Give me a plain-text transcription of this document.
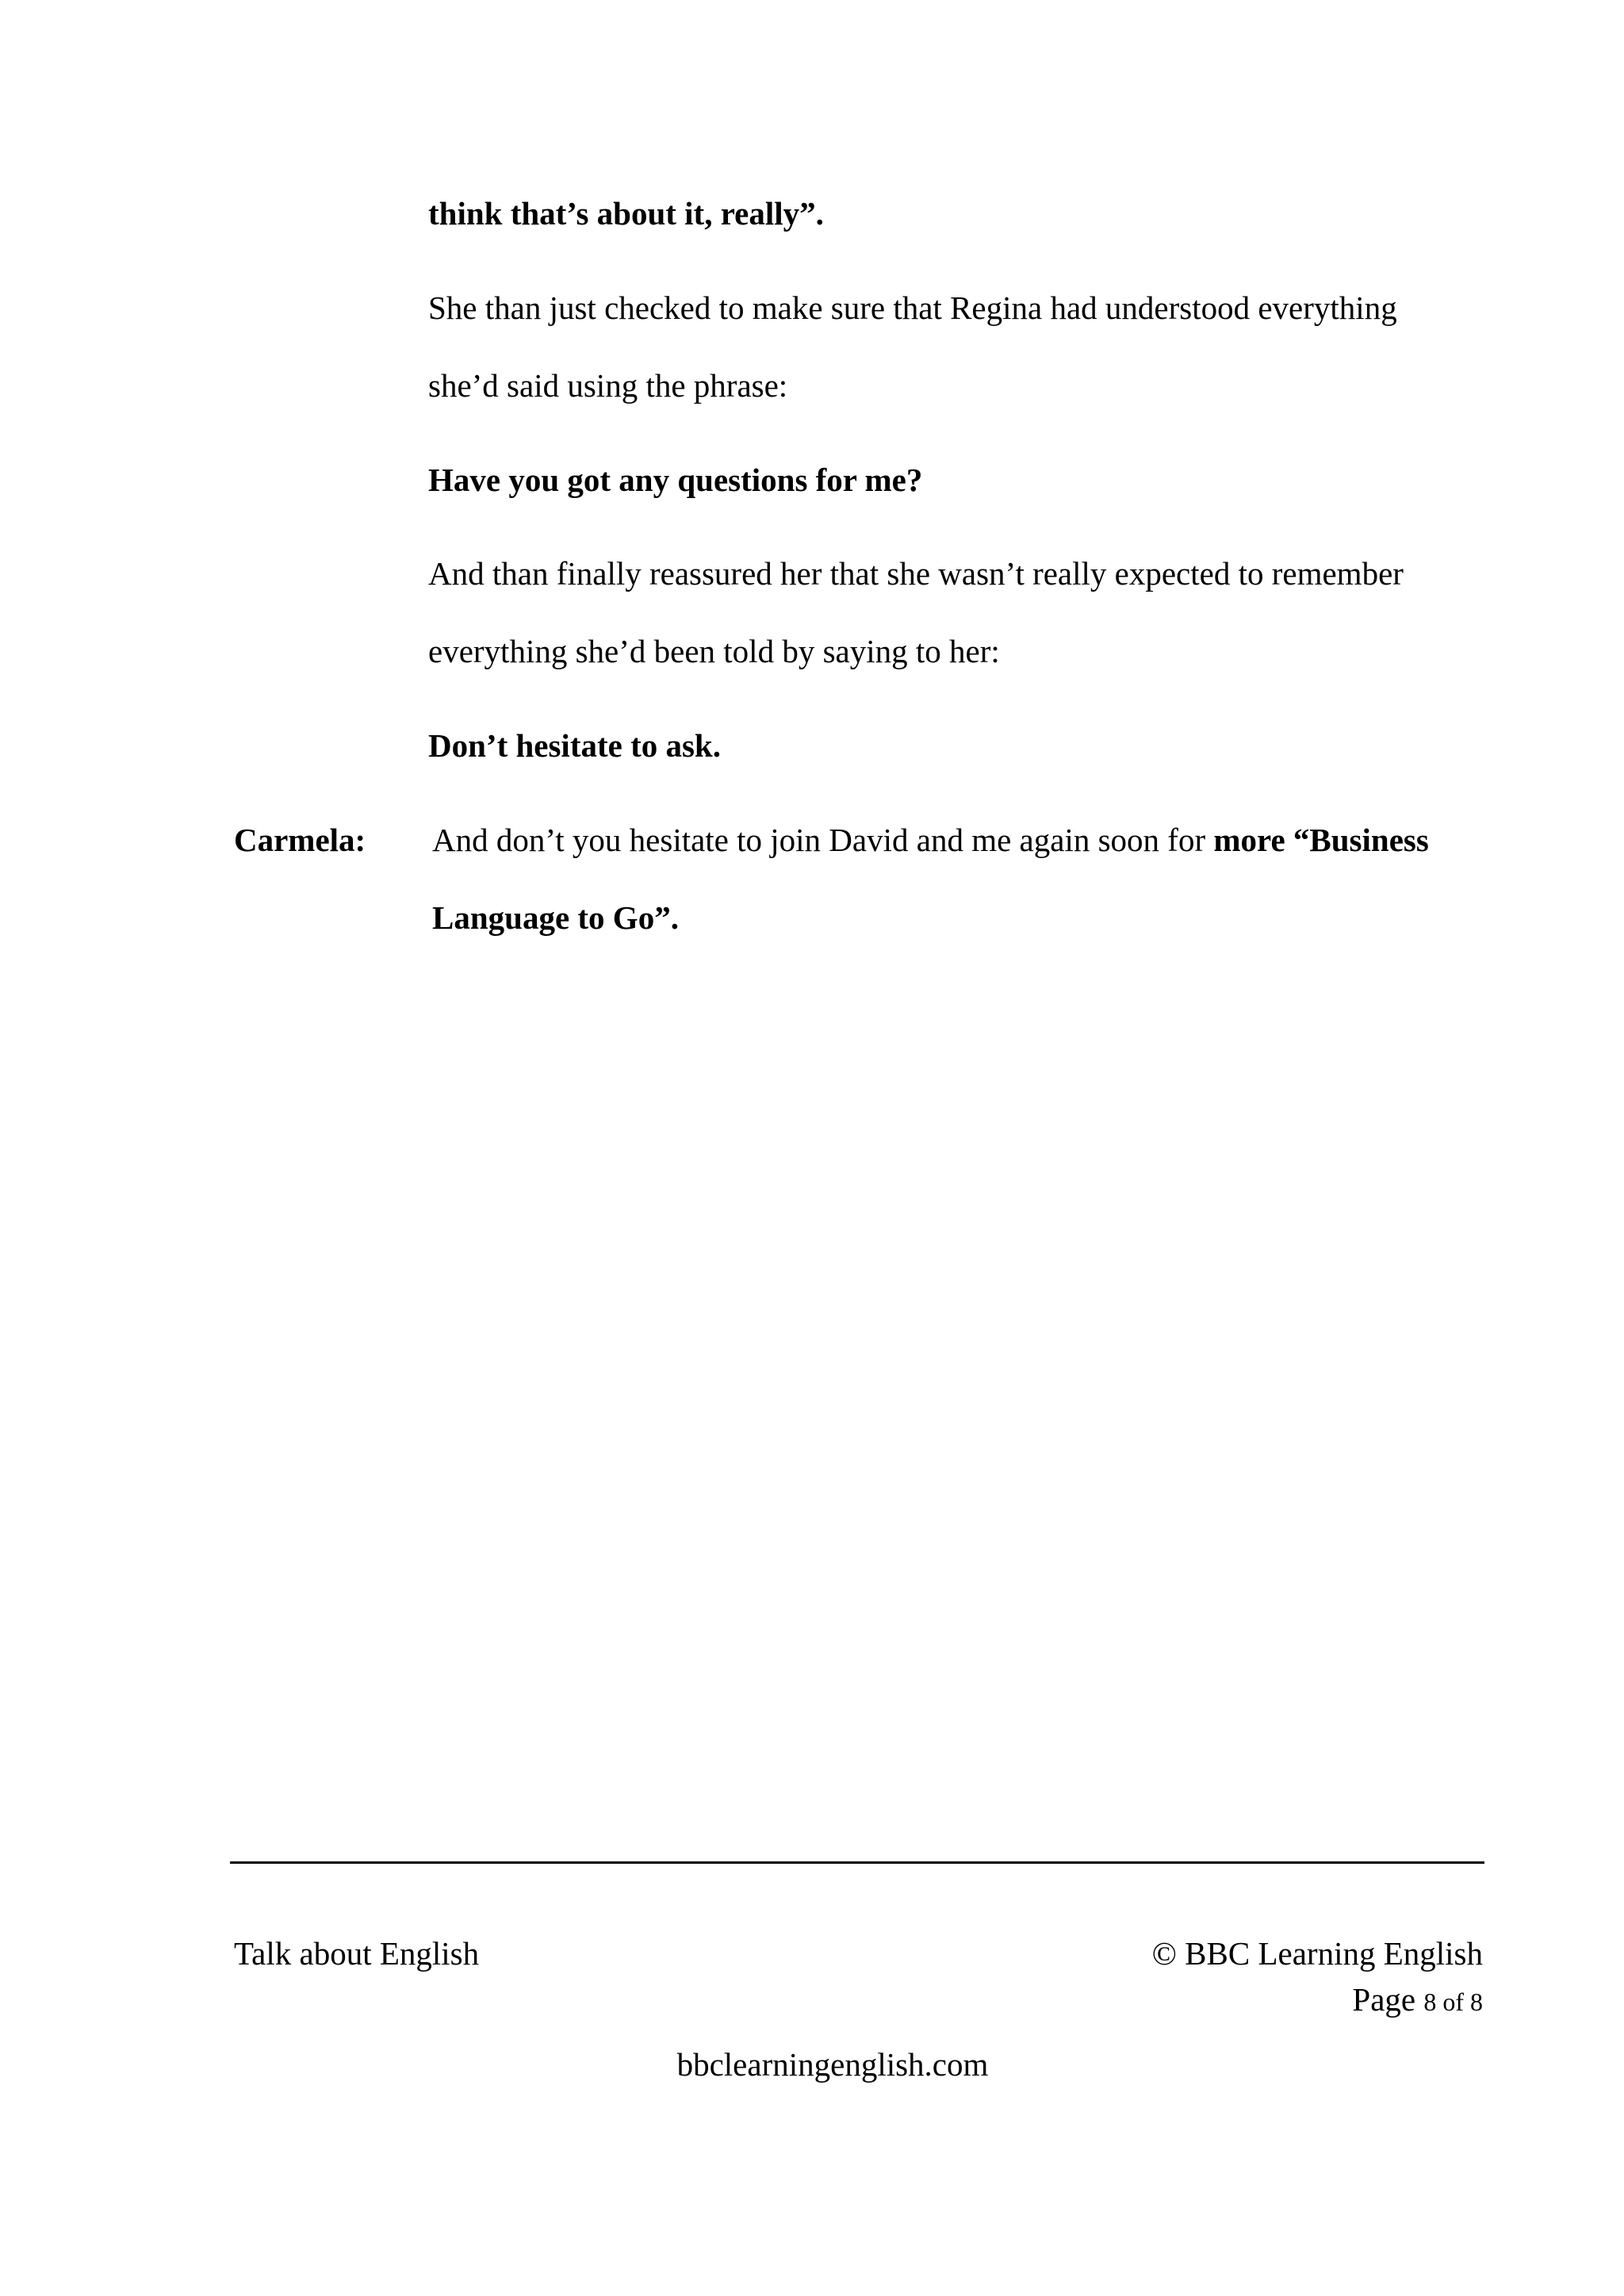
think that’s about it, really”.
She than just checked to make sure that Regina had understood everything
she’d said using the phrase:
Have you got any questions for me?
And than finally reassured her that she wasn’t really expected to remember
everything she’d been told by saying to her:
Don’t hesitate to ask.
Carmela: And don’t you hesitate to join David and me again soon for more “Business
Language to Go”.
Talk about English	© BBC Learning English
Page 8 of 8
bbclearningenglish.com
